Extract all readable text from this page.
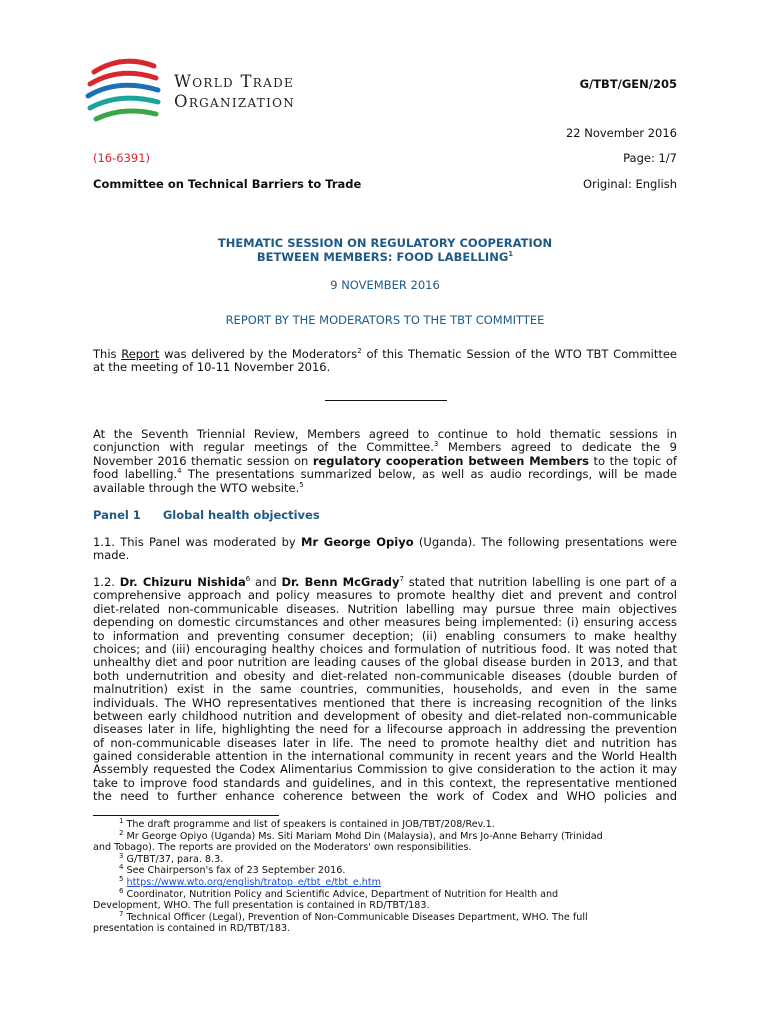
World Trade
Organization
G/TBT/GEN/205
22 November 2016
(16-6391)	Page: 1/7
Committee on Technical Barriers to Trade	Original: English
THEMATIC SESSION ON REGULATORY COOPERATION
BETWEEN MEMBERS: FOOD LABELLING$^1$
9 NOVEMBER 2016
REPORT BY THE MODERATORS TO THE TBT COMMITTEE
This Report was delivered by the Moderators$^2$ of this Thematic Session of the WTO TBT Committee
at the meeting of 10-11 November 2016.
At the Seventh Triennial Review, Members agreed to continue to hold thematic sessions in
conjunction with regular meetings of the Committee.$^3$ Members agreed to dedicate the 9
November 2016 thematic session on regulatory cooperation between Members to the topic of
food labelling.$^4$ The presentations summarized below, as well as audio recordings, will be made
available through the WTO website.$^5$
Panel 1 Global health objectives
1.1. This Panel was moderated by Mr George Opiyo (Uganda). The following presentations were
made.
1.2. Dr. Chizuru Nishida$^6$ and Dr. Benn McGrady$^7$ stated that nutrition labelling is one part of a
comprehensive approach and policy measures to promote healthy diet and prevent and control
diet-related non-communicable diseases. Nutrition labelling may pursue three main objectives
depending on domestic circumstances and other measures being implemented: (i) ensuring access
to information and preventing consumer deception; (ii) enabling consumers to make healthy
choices; and (iii) encouraging healthy choices and formulation of nutritious food. It was noted that
unhealthy diet and poor nutrition are leading causes of the global disease burden in 2013, and that
both undernutrition and obesity and diet-related non-communicable diseases (double burden of
malnutrition) exist in the same countries, communities, households, and even in the same
individuals. The WHO representatives mentioned that there is increasing recognition of the links
between early childhood nutrition and development of obesity and diet-related non-communicable
diseases later in life, highlighting the need for a lifecourse approach in addressing the prevention
of non-communicable diseases later in life. The need to promote healthy diet and nutrition has
gained considerable attention in the international community in recent years and the World Health
Assembly requested the Codex Alimentarius Commission to give consideration to the action it may
take to improve food standards and guidelines, and in this context, the representative mentioned
the need to further enhance coherence between the work of Codex and WHO policies and
$^1$ The draft programme and list of speakers is contained in JOB/TBT/208/Rev.1.
$^2$ Mr George Opiyo (Uganda) Ms. Siti Mariam Mohd Din (Malaysia), and Mrs Jo-Anne Beharry (Trinidad
and Tobago). The reports are provided on the Moderators' own responsibilities.
$^3$ G/TBT/37, para. 8.3.
$^4$ See Chairperson's fax of 23 September 2016.
$^5$ https://www.wto.org/english/tratop_e/tbt_e/tbt_e.htm
$^6$ Coordinator, Nutrition Policy and Scientific Advice, Department of Nutrition for Health and
Development, WHO. The full presentation is contained in RD/TBT/183.
$^7$ Technical Officer (Legal), Prevention of Non-Communicable Diseases Department, WHO. The full
presentation is contained in RD/TBT/183.
